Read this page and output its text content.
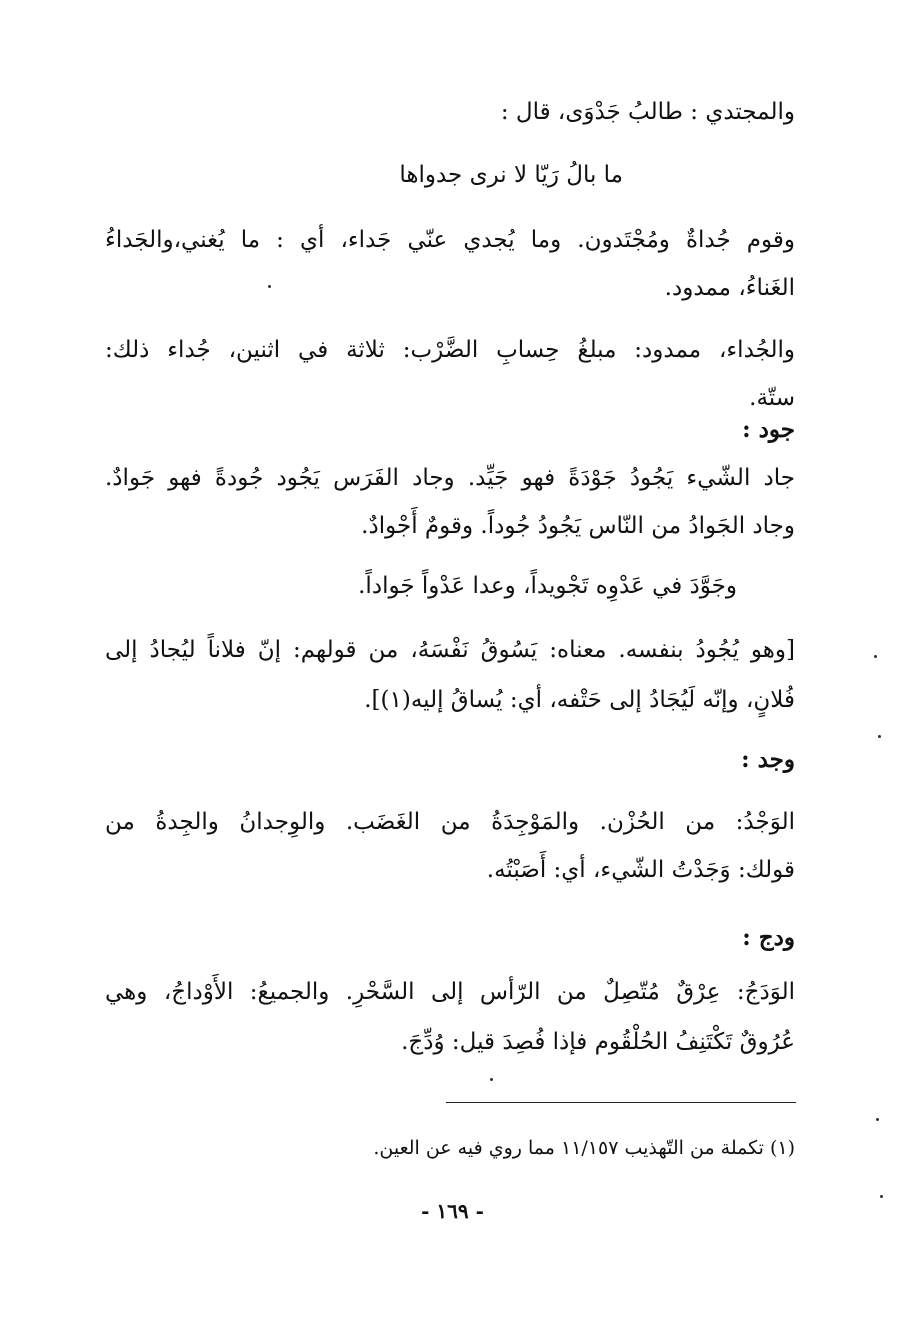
والمجتدي : طالبُ جَدْوَى، قال :

ما بالُ رَيّا لا نرى جدواها

وقوم جُداةٌ ومُجْتَدون. وما يُجدي عنّي جَداء، أي : ما يُغني،والجَداءُ

الغَناءُ، ممدود.

والجُداء، ممدود: مبلغُ حِسابِ الضَّرْب: ثلاثة في اثنين، جُداء ذلك:

ستّة.

جود :

جاد الشّيء يَجُودُ جَوْدَةً فهو جَيِّد. وجاد الفَرَس يَجُود جُودةً فهو جَوادٌ.

وجاد الجَوادُ من النّاس يَجُودُ جُوداً. وقومٌ أَجْوادٌ.

وجَوَّدَ في عَدْوِه تَجْويداً، وعدا عَدْواً جَواداً.

[وهو يُجُودُ بنفسه. معناه: يَسُوقُ نَفْسَهُ، من قولهم: إنّ فلاناً ليُجادُ إلى

فُلانٍ، وإنّه لَيُجَادُ إلى حَتْفه، أي: يُساقُ إليه(١)].

وجد :

الوَجْدُ: من الحُزْن. والمَوْجِدَةُ من الغَضَب. والوِجدانُ والجِدةُ من

قولك: وَجَدْتُ الشّيء، أي: أَصَبْتُه.

ودج :

الوَدَجُ: عِرْقٌ مُتّصِلٌ من الرّأس إلى السَّحْرِ. والجميعُ: الأَوْداجُ، وهي

عُرُوقٌ تَكْتَنِفُ الحُلْقُوم فإذا فُصِدَ قيل: وُدِّجَ.

(١) تكملة من التّهذيب ١١/١٥٧ مما روي فيه عن العين.
- ١٦٩ -
